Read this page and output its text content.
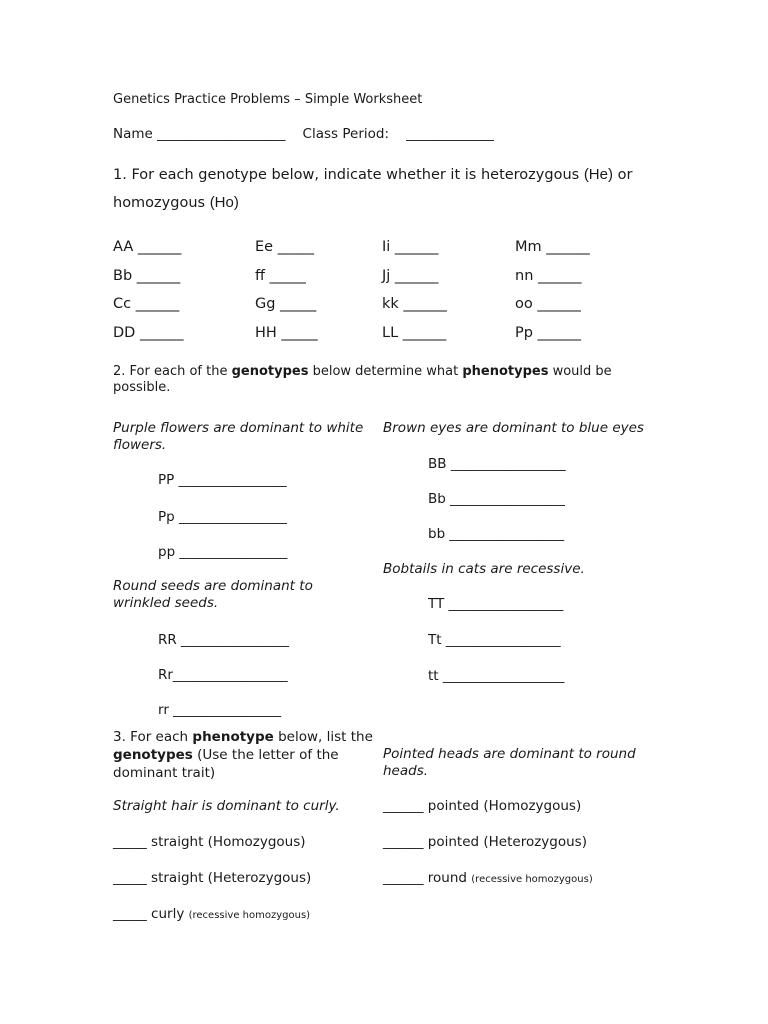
Genetics Practice Problems – Simple Worksheet
Name ___________________ Class Period: _____________
1. For each genotype below, indicate whether it is heterozygous (He) or
homozygous (Ho)
AA ______	Ee _____	Ii ______	Mm ______
Bb ______	ff _____	Jj ______	nn ______
Cc ______	Gg _____	kk ______	oo ______
DD ______	HH _____	LL ______	Pp ______
2. For each of the genotypes below determine what phenotypes would be possible.
Purple flowers are dominant to white flowers.
PP ________________
Pp ________________
pp ________________
Round seeds are dominant to wrinkled seeds.
RR ________________
Rr_________________
rr ________________
Brown eyes are dominant to blue eyes
BB _________________
Bb _________________
bb _________________
Bobtails in cats are recessive.
TT _________________
Tt _________________
tt __________________
3. For each phenotype below, list the genotypes (Use the letter of the dominant trait)
Straight hair is dominant to curly.
_____ straight (Homozygous)
_____ straight (Heterozygous)
_____ curly (recessive homozygous)
Pointed heads are dominant to round heads.
______ pointed (Homozygous)
______ pointed (Heterozygous)
______ round (recessive homozygous)
